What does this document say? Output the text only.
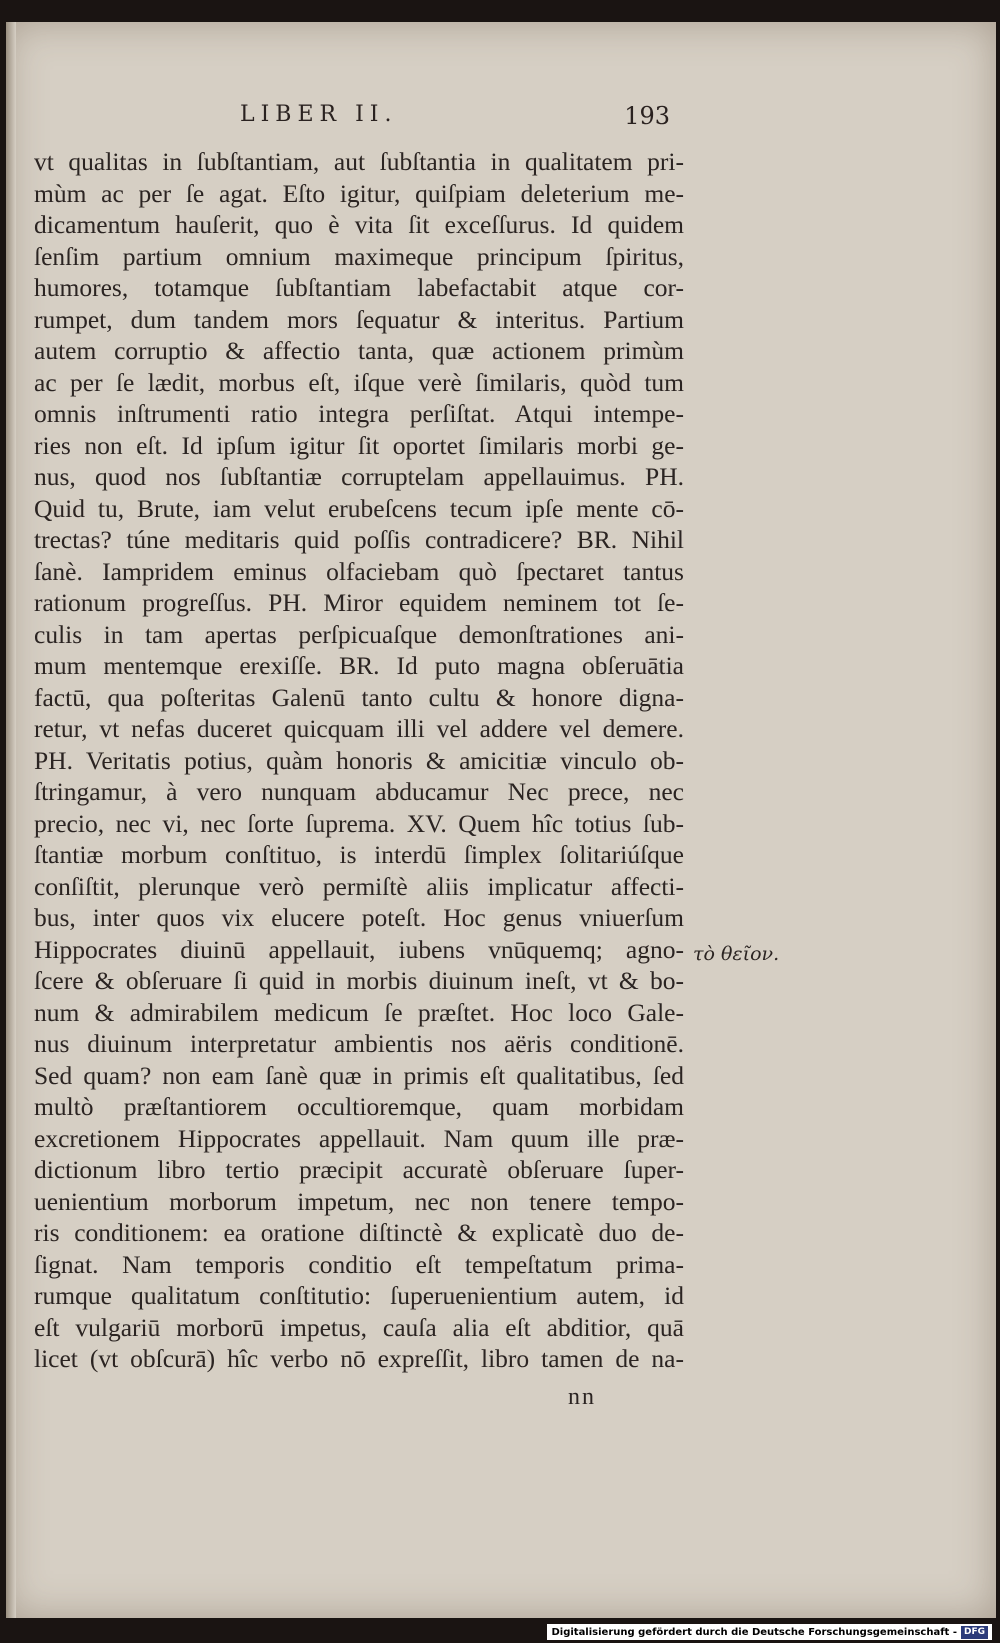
LIBER II.	193
vt qualitas in ſubſtantiam, aut ſubſtantia in qualitatem pri-
mùm ac per ſe agat. Eſto igitur, quiſpiam deleterium me-
dicamentum hauſerit, quo è vita ſit exceſſurus. Id quidem
ſenſim partium omnium maximeque principum ſpiritus,
humores, totamque ſubſtantiam labefactabit atque cor-
rumpet, dum tandem mors ſequatur & interitus. Partium
autem corruptio & affectio tanta, quæ actionem primùm
ac per ſe lædit, morbus eſt, iſque verè ſimilaris, quòd tum
omnis inſtrumenti ratio integra perſiſtat. Atqui intempe-
ries non eſt. Id ipſum igitur ſit oportet ſimilaris morbi ge-
nus, quod nos ſubſtantiæ corruptelam appellauimus. PH.
Quid tu, Brute, iam velut erubeſcens tecum ipſe mente cō-
trectas? túne meditaris quid poſſis contradicere? BR. Nihil
ſanè. Iampridem eminus olfaciebam quò ſpectaret tantus
rationum progreſſus. PH. Miror equidem neminem tot ſe-
culis in tam apertas perſpicuaſque demonſtrationes ani-
mum mentemque erexiſſe. BR. Id puto magna obſeruātia
factū, qua poſteritas Galenū tanto cultu & honore digna-
retur, vt nefas duceret quicquam illi vel addere vel demere.
PH. Veritatis potius, quàm honoris & amicitiæ vinculo ob-
ſtringamur, à vero nunquam abducamur Nec prece, nec
precio, nec vi, nec ſorte ſuprema. XV. Quem hîc totius ſub-
ſtantiæ morbum conſtituo, is interdū ſimplex ſolitariúſque
conſiſtit, plerunque verò permiſtè aliis implicatur affecti-
bus, inter quos vix elucere poteſt. Hoc genus vniuerſum
Hippocrates diuinū appellauit, iubens vnūquemq; agno-
ſcere & obſeruare ſi quid in morbis diuinum ineſt, vt & bo-
num & admirabilem medicum ſe præſtet. Hoc loco Gale-
nus diuinum interpretatur ambientis nos aëris conditionē.
Sed quam? non eam ſanè quæ in primis eſt qualitatibus, ſed
multò præſtantiorem occultioremque, quam morbidam
excretionem Hippocrates appellauit. Nam quum ille præ-
dictionum libro tertio præcipit accuratè obſeruare ſuper-
uenientium morborum impetum, nec non tenere tempo-
ris conditionem: ea oratione diſtinctè & explicatè duo de-
ſignat. Nam temporis conditio eſt tempeſtatum prima-
rumque qualitatum conſtitutio: ſuperuenientium autem, id
eſt vulgariū morborū impetus, cauſa alia eſt abditior, quā
licet (vt obſcurā) hîc verbo nō expreſſit, libro tamen de na-
τὸ θεῖον.
nn
Digitalisierung gefördert durch die Deutsche Forschungsgemeinschaft - DFG
